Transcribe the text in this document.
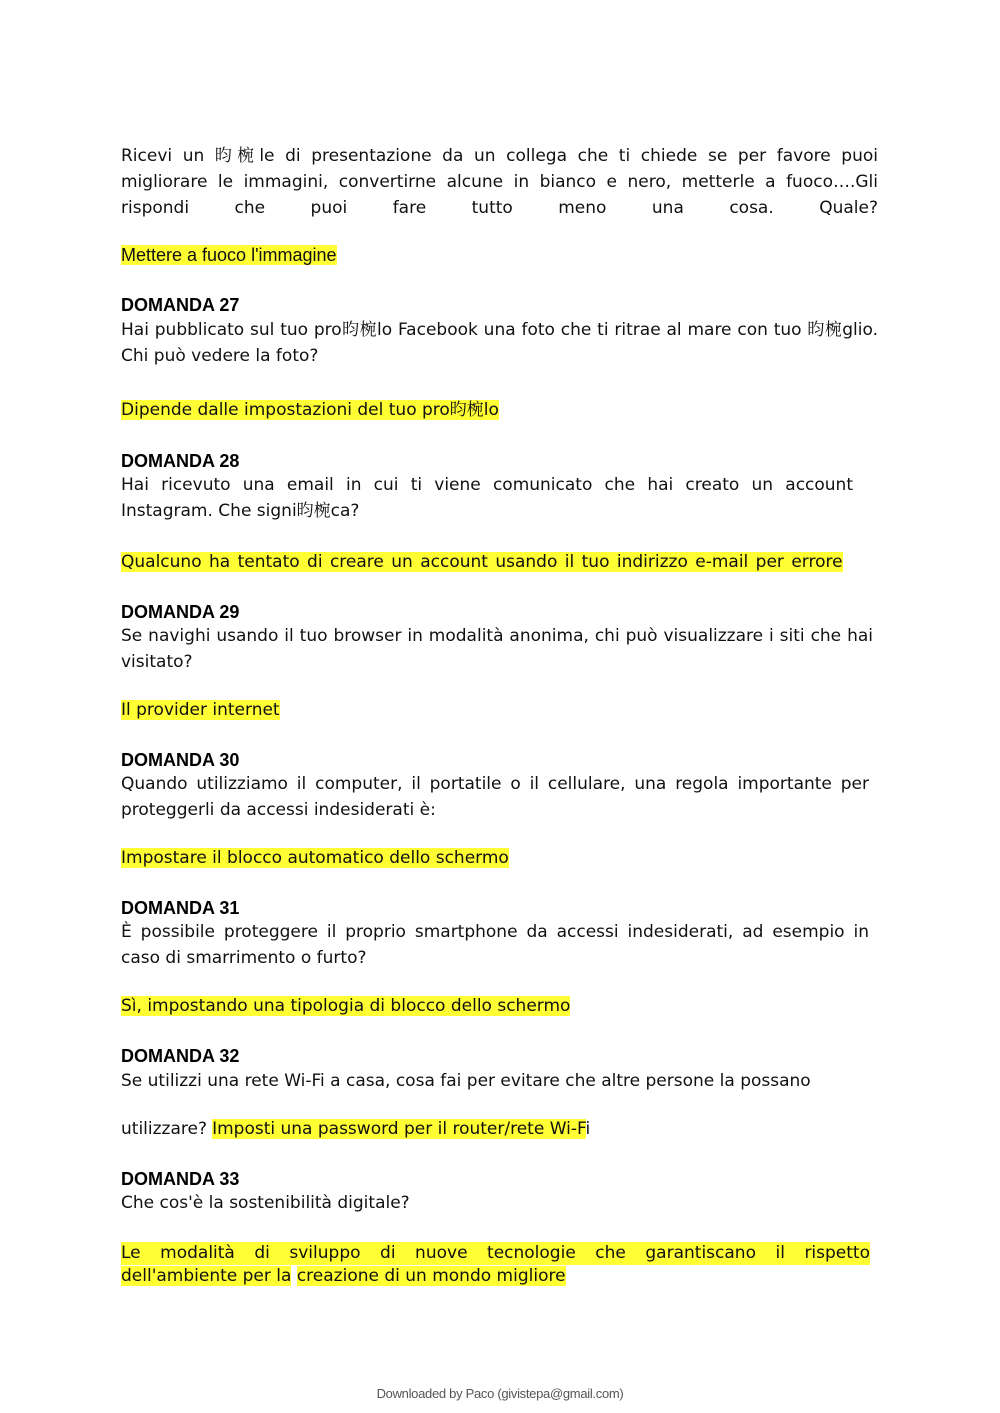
Ricevi un 昀椀le di presentazione da un collega che ti chiede se per favore puoi migliorare le immagini, convertirne alcune in bianco e nero, metterle a fuoco….Gli rispondi che puoi fare tutto meno una cosa. Quale?

Mettere a fuoco l'immagine
DOMANDA 27

Hai pubblicato sul tuo pro昀椀lo Facebook una foto che ti ritrae al mare con tuo 昀椀glio. Chi può vedere la foto?

Dipende dalle impostazioni del tuo pro昀椀lo
DOMANDA 28

Hai ricevuto una email in cui ti viene comunicato che hai creato un account Instagram. Che signi昀椀ca?

Qualcuno ha tentato di creare un account usando il tuo indirizzo e-mail per errore
DOMANDA 29

Se navighi usando il tuo browser in modalità anonima, chi può visualizzare i siti che hai visitato?

Il provider internet
DOMANDA 30

Quando utilizziamo il computer, il portatile o il cellulare, una regola importante per proteggerli da accessi indesiderati è:

Impostare il blocco automatico dello schermo
DOMANDA 31

È possibile proteggere il proprio smartphone da accessi indesiderati, ad esempio in caso di smarrimento o furto?

Sì, impostando una tipologia di blocco dello schermo
DOMANDA 32

Se utilizzi una rete Wi-Fi a casa, cosa fai per evitare che altre persone la possano

utilizzare? Imposti una password per il router/rete Wi-Fi
DOMANDA 33

Che cos'è la sostenibilità digitale?

Le modalità di sviluppo di nuove tecnologie che garantiscano il rispetto
dell'ambiente per la creazione di un mondo migliore
Downloaded by Paco (givistepa@gmail.com)
